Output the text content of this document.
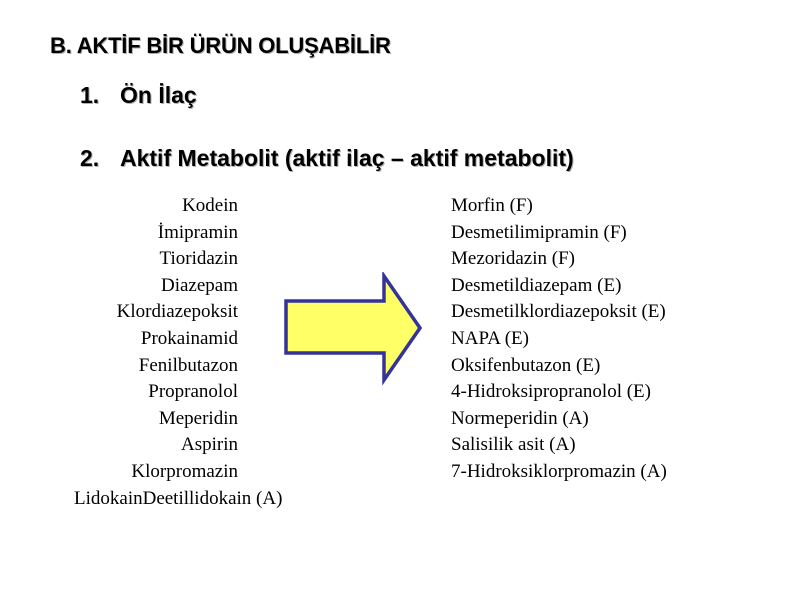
B. AKTİF BİR ÜRÜN OLUŞABİLİR
1. Ön İlaç
2. Aktif Metabolit (aktif ilaç – aktif metabolit)
Kodein
İmipramin
Tioridazin
Diazepam
Klordiazepoksit
Prokainamid
Fenilbutazon
Propranolol
Meperidin
Aspirin
Klorpromazin
LidokainDeetillidokain (A)
Morfin (F)
Desmetilimipramin (F)
Mezoridazin (F)
Desmetildiazepam (E)
Desmetilklordiazepoksit (E)
NAPA (E)
Oksifenbutazon (E)
4-Hidroksipropranolol (E)
Normeperidin (A)
Salisilik asit (A)
7-Hidroksiklorpromazin (A)
